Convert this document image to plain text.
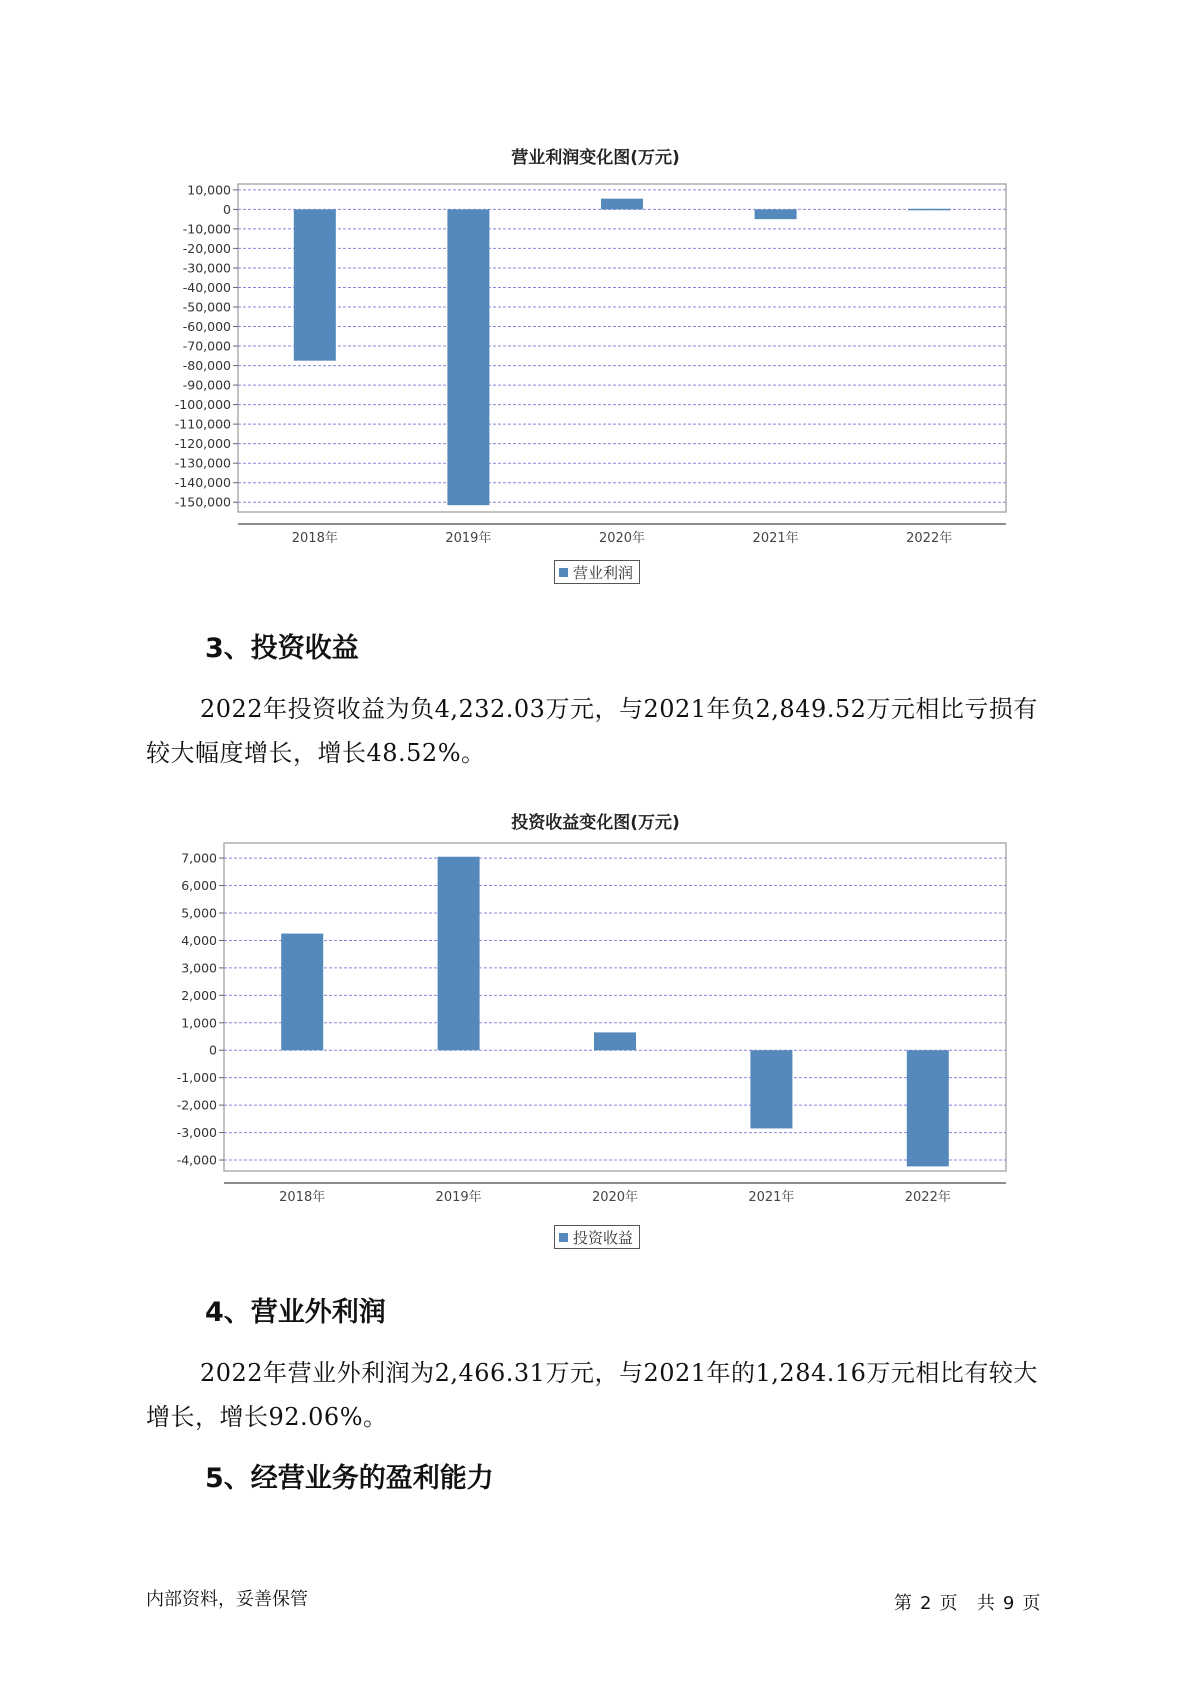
营业利润变化图(万元)
10,000
0
-10,000
-20,000
-30,000
-40,000
-50,000
-60,000
-70,000
-80,000
-90,000
-100,000
-110,000
-120,000
-130,000
-140,000
-150,000
2018年	2019年	2020年	2021年	2022年
营业利润
3、投资收益

2022年投资收益为负4,232.03万元，与2021年负2,849.52万元相比亏损有较大幅度增长，增长48.52%。

投资收益变化图(万元)
7,000
6,000
5,000
4,000
3,000
2,000
1,000
0
-1,000
-2,000
-3,000
-4,000
2018年	2019年	2020年	2021年	2022年
投资收益
4、营业外利润

2022年营业外利润为2,466.31万元，与2021年的1,284.16万元相比有较大增长，增长92.06%。

5、经营业务的盈利能力
内部资料，妥善保管	第 2 页 共 9 页
